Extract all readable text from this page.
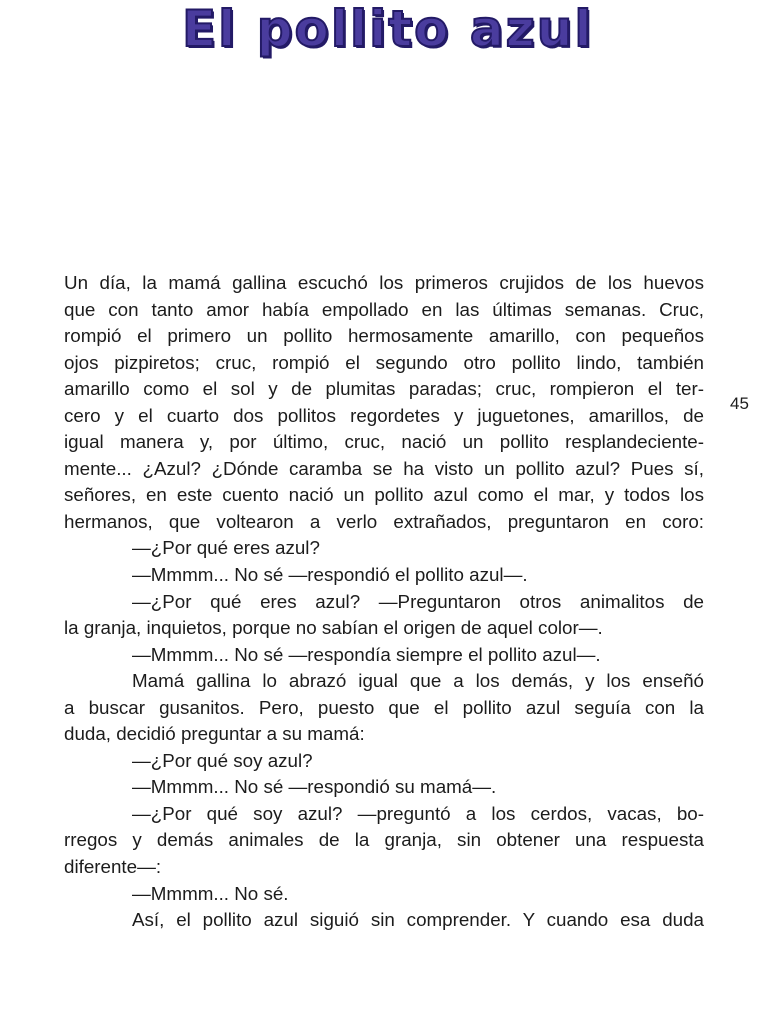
El pollito azul
45
Un día, la mamá gallina escuchó los primeros crujidos de los huevos
que con tanto amor había empollado en las últimas semanas. Cruc,
rompió el primero un pollito hermosamente amarillo, con pequeños
ojos pizpiretos; cruc, rompió el segundo otro pollito lindo, también
amarillo como el sol y de plumitas paradas; cruc, rompieron el ter-
cero y el cuarto dos pollitos regordetes y juguetones, amarillos, de
igual manera y, por último, cruc, nació un pollito resplandeciente-
mente... ¿Azul? ¿Dónde caramba se ha visto un pollito azul? Pues sí,
señores, en este cuento nació un pollito azul como el mar, y todos los
hermanos, que voltearon a verlo extrañados, preguntaron en coro:
—¿Por qué eres azul?
—Mmmm... No sé —respondió el pollito azul—.
—¿Por qué eres azul? —Preguntaron otros animalitos de
la granja, inquietos, porque no sabían el origen de aquel color—.
—Mmmm... No sé —respondía siempre el pollito azul—.
Mamá gallina lo abrazó igual que a los demás, y los enseñó
a buscar gusanitos. Pero, puesto que el pollito azul seguía con la
duda, decidió preguntar a su mamá:
—¿Por qué soy azul?
—Mmmm... No sé —respondió su mamá—.
—¿Por qué soy azul? —preguntó a los cerdos, vacas, bo-
rregos y demás animales de la granja, sin obtener una respuesta
diferente—:
—Mmmm... No sé.
Así, el pollito azul siguió sin comprender. Y cuando esa duda
